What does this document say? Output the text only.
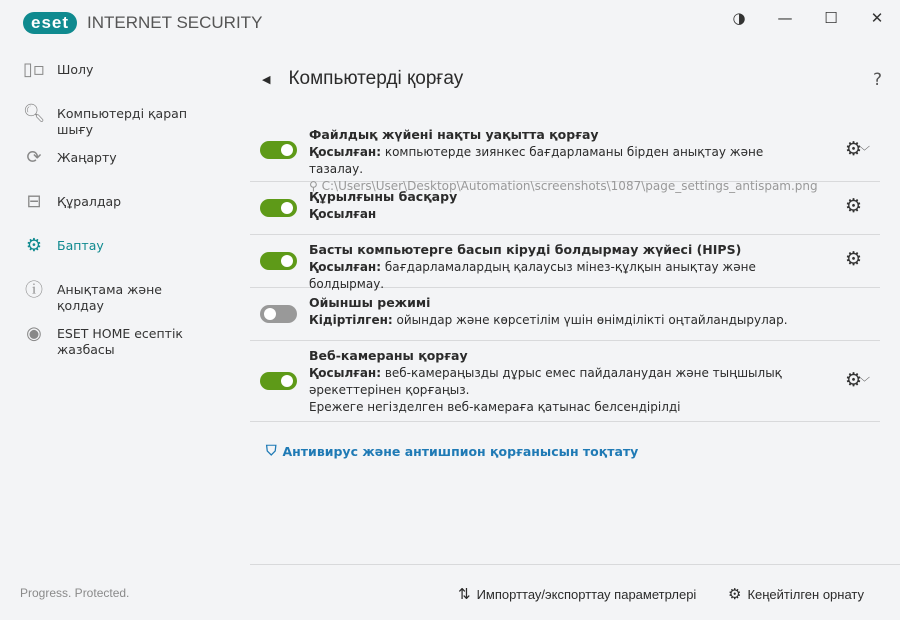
eset	INTERNET SECURITY	◑	—	☐	✕
▯▫ Шолу
🔍︎ Компьютерді қарап шығу
⟳ Жаңарту
⊟ Құралдар
⚙ Баптау
ⓘ Анықтама және қолдау
◉ ESET HOME есептік жазбасы
Progress. Protected.
◀ Компьютерді қорғау	?
Файлдық жүйені нақты уақытта қорғау
Қосылған: компьютерде зиянкес бағдарламаны бірден анықтау және тазалау.
⚲ C:\Users\User\Desktop\Automation\screenshots\1087\page_settings_antispam.png
⚙
﹀
Құрылғыны басқару
Қосылған	⚙
Басты компьютерге басып кіруді болдырмау жүйесі (HIPS)
Қосылған: бағдарламалардың қалаусыз мінез-құлқын анықтау және болдырмау.
⚙
Ойыншы режимі
Кідіртілген: ойындар және көрсетілім үшін өнімділікті оңтайландырулар.
Веб-камераны қорғау
Қосылған: веб-камераңызды дұрыс емес пайдаланудан және тыңшылық әрекеттерінен қорғаңыз.
Ережеге негізделген веб-камераға қатынас белсендірілді
⚙
﹀
⛉ Антивирус және антишпион қорғанысын тоқтату
⇅ Импорттау/экспорттау параметрлері ⚙ Кеңейтілген орнату
